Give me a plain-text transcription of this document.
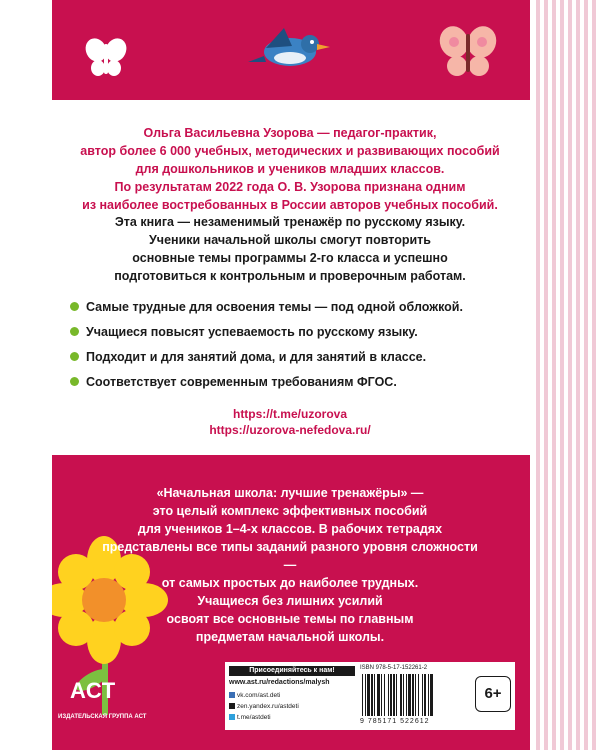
Ольга Васильевна Узорова — педагог-практик,
автор более 6 000 учебных, методических и развивающих пособий
для дошкольников и учеников младших классов.
По результатам 2022 года О. В. Узорова признана одним
из наиболее востребованных в России авторов учебных пособий.
Эта книга — незаменимый тренажёр по русскому языку.
Ученики начальной школы смогут повторить
основные темы программы 2-го класса и успешно
подготовиться к контрольным и проверочным работам.
Самые трудные для освоения темы — под одной обложкой.
Учащиеся повысят успеваемость по русскому языку.
Подходит и для занятий дома, и для занятий в классе.
Соответствует современным требованиям ФГОС.
https://t.me/uzorova
https://uzorova-nefedova.ru/
«Начальная школа: лучшие тренажёры» —
это целый комплекс эффективных пособий
для учеников 1–4-х классов. В рабочих тетрадях
представлены все типы заданий разного уровня сложности —
от самых простых до наиболее трудных.
Учащиеся без лишних усилий
освоят все основные темы по главным
предметам начальной школы.
ACT
ИЗДАТЕЛЬСКАЯ ГРУППА АСТ
Присоединяйтесь к нам!
www.ast.ru/redactions/malysh
vk.com/ast.deti
zen.yandex.ru/astdeti
t.me/astdeti
ISBN 978-5-17-152261-2
9 785171 522612
6+
